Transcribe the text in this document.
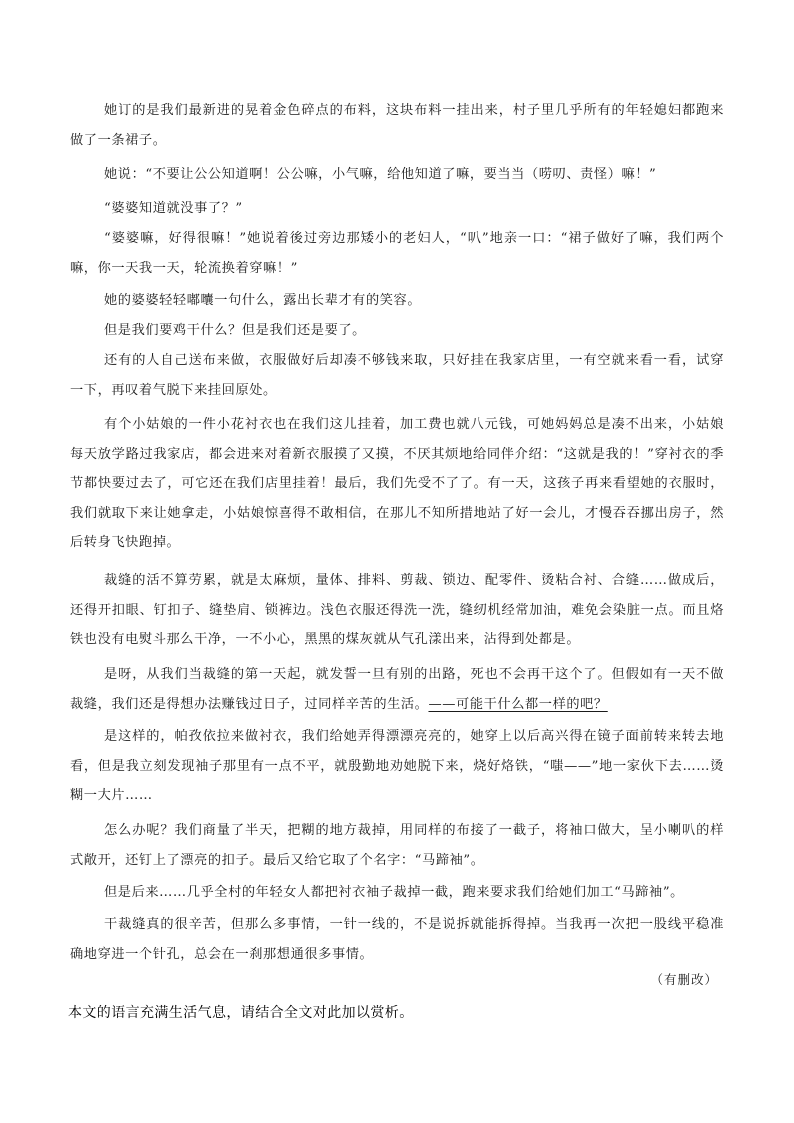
她订的是我们最新进的晃着金色碎点的布料，这块布料一挂出来，村子里几乎所有的年轻媳妇都跑来做了一条裙子。

她说：“不要让公公知道啊！公公嘛，小气嘛，给他知道了嘛，要当当（唠叨、责怪）嘛！”

“婆婆知道就没事了？”

“婆婆嘛，好得很嘛！”她说着後过旁边那矮小的老妇人，“叭”地亲一口：“裙子做好了嘛，我们两个嘛，你一天我一天，轮流换着穿嘛！”

她的婆婆轻轻嘟囔一句什么，露出长辈才有的笑容。

但是我们要鸡干什么？但是我们还是要了。

还有的人自己送布来做，衣服做好后却凑不够钱来取，只好挂在我家店里，一有空就来看一看，试穿一下，再叹着气脱下来挂回原处。

有个小姑娘的一件小花衬衣也在我们这儿挂着，加工费也就八元钱，可她妈妈总是凑不出来，小姑娘每天放学路过我家店，都会进来对着新衣服摸了又摸，不厌其烦地给同伴介绍：“这就是我的！”穿衬衣的季节都快要过去了，可它还在我们店里挂着！最后，我们先受不了了。有一天，这孩子再来看望她的衣服时，我们就取下来让她拿走，小姑娘惊喜得不敢相信，在那儿不知所措地站了好一会儿，才慢吞吞挪出房子，然后转身飞快跑掉。

裁缝的活不算劳累，就是太麻烦，量体、排料、剪裁、锁边、配零件、烫粘合衬、合缝……做成后，还得开扣眼、钉扣子、缝垫肩、锁裤边。浅色衣服还得洗一洗，缝纫机经常加油，难免会染脏一点。而且烙铁也没有电熨斗那么干净，一不小心，黑黑的煤灰就从气孔漾出来，沾得到处都是。

是呀，从我们当裁缝的第一天起，就发誓一旦有别的出路，死也不会再干这个了。但假如有一天不做裁缝，我们还是得想办法赚钱过日子，过同样辛苦的生活。——可能干什么都一样的吧？

是这样的，帕孜依拉来做衬衣，我们给她弄得漂漂亮亮的，她穿上以后高兴得在镜子面前转来转去地看，但是我立刻发现袖子那里有一点不平，就殷勤地劝她脱下来，烧好烙铁，“嗤——”地一家伙下去……烫糊一大片……

怎么办呢？我们商量了半天，把糊的地方裁掉，用同样的布接了一截子，将袖口做大，呈小喇叭的样式敞开，还钉上了漂亮的扣子。最后又给它取了个名字：“马蹄袖”。

但是后来……几乎全村的年轻女人都把衬衣袖子裁掉一截，跑来要求我们给她们加工“马蹄袖”。

干裁缝真的很辛苦，但那么多事情，一针一线的，不是说拆就能拆得掉。当我再一次把一股线平稳准确地穿进一个针孔，总会在一刹那想通很多事情。

（有删改）

本文的语言充满生活气息，请结合全文对此加以赏析。
